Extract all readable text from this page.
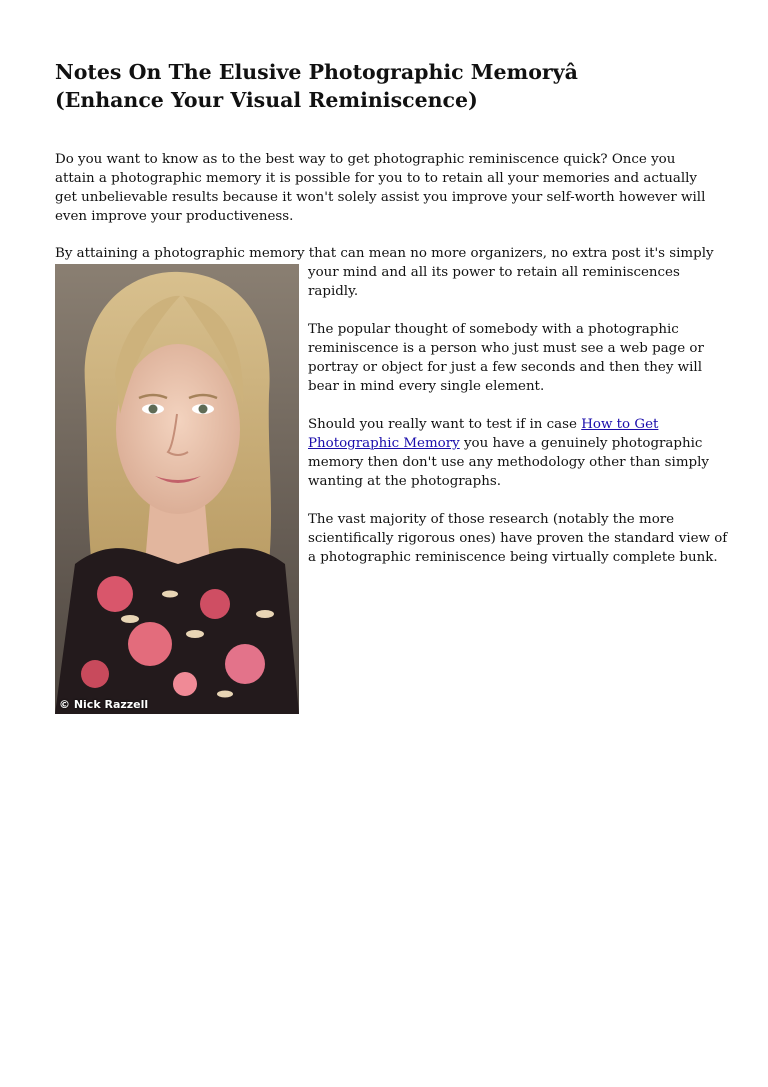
Notes On The Elusive Photographic Memoryâ (Enhance Your Visual Reminiscence)

Do you want to know as to the best way to get photographic reminiscence quick? Once you attain a photographic memory it is possible for you to to retain all your memories and actually get unbelievable results because it won't solely assist you improve your self-worth however will even improve your productiveness.

By attaining a photographic memory that can mean no more organizers, no extra post it's simply

© Nick Razzell

your mind and all its power to retain all reminiscences rapidly.

The popular thought of somebody with a photographic reminiscence is a person who just must see a web page or portray or object for just a few seconds and then they will bear in mind every single element.

Should you really want to test if in case How to Get Photographic Memory you have a genuinely photographic memory then don't use any methodology other than simply wanting at the photographs.

The vast majority of those research (notably the more scientifically rigorous ones) have proven the standard view of a photographic reminiscence being virtually complete bunk.
